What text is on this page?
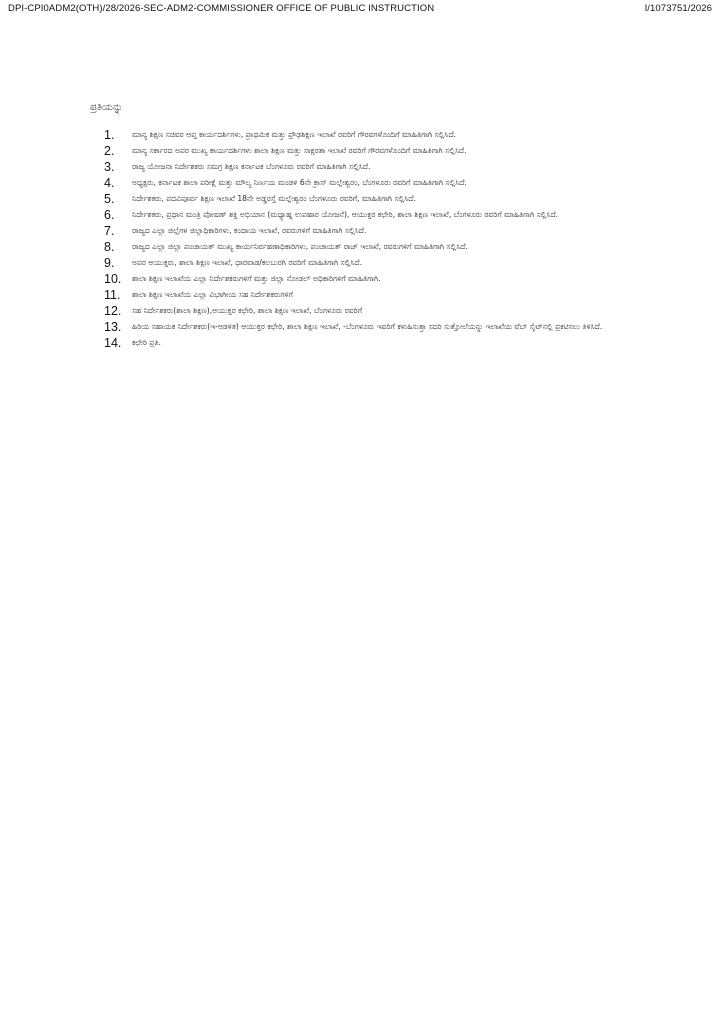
DPI-CPI0ADM2(OTH)/28/2026-SEC-ADM2-COMMISSIONER OFFICE OF PUBLIC INSTRUCTION	I/1073751/2026
ಪ್ರತಿಯನ್ನು
1.	ಮಾನ್ಯ ಶಿಕ್ಷಣ ಸಚಿವರ ಆಪ್ತ ಕಾರ್ಯದರ್ಶಿಗಳು, ಪ್ರಾಥಮಿಕ ಮತ್ತು ಪ್ರೌಢಶಿಕ್ಷಣ ಇಲಾಖೆ ರವರಿಗೆ ಗೌರವಗಳೊಂದಿಗೆ ಮಾಹಿತಿಗಾಗಿ ಸಲ್ಲಿಸಿದೆ.
2.	ಮಾನ್ಯ ಸರ್ಕಾರದ ಅಪರ ಮುಖ್ಯ ಕಾರ್ಯದರ್ಶಿಗಳು ಶಾಲಾ ಶಿಕ್ಷಣ ಮತ್ತು ಸಾಕ್ಷರತಾ ಇಲಾಖೆ ರವರಿಗೆ ಗೌರವಗಳೊಂದಿಗೆ ಮಾಹಿತಿಗಾಗಿ ಸಲ್ಲಿಸಿದೆ.
3.	ರಾಜ್ಯ ಯೋಜನಾ ನಿರ್ದೇಶಕರು ಸಮಗ್ರ ಶಿಕ್ಷಣ ಕರ್ನಾಟಕ ಬೆಂಗಳೂರು ರವರಿಗೆ ಮಾಹಿತಿಗಾಗಿ ಸಲ್ಲಿಸಿದೆ.
4.	ಅಧ್ಯಕ್ಷರು, ಕರ್ನಾಟಕ ಶಾಲಾ ಪರೀಕ್ಷೆ ಮತ್ತು ಮೌಲ್ಯ ನಿರ್ಣಯ ಮಂಡಳಿ 6ನೇ ಕ್ರಾಸ್ ಮಲ್ಲೇಶ್ವರಂ, ಬೆಂಗಳೂರು ರವರಿಗೆ ಮಾಹಿತಿಗಾಗಿ ಸಲ್ಲಿಸಿದೆ.
5.	ನಿರ್ದೇಶಕರು, ಪದವಿಪೂರ್ವ ಶಿಕ್ಷಣ ಇಲಾಖೆ 18ನೇ ಅಡ್ಡರಸ್ತೆ ಮಲ್ಲೇಶ್ವರಂ ಬೆಂಗಳೂರು ರವರಿಗೆ, ಮಾಹಿತಿಗಾಗಿ ಸಲ್ಲಿಸಿದೆ.
6.	ನಿರ್ದೇಶಕರು, ಪ್ರಧಾನ ಮಂತ್ರಿ ಪೋಷಣ್ ಶಕ್ತಿ ಅಭಿಯಾನ (ಮಧ್ಯಾಹ್ನ ಉಪಹಾರ ಯೋಜನೆ), ಆಯುಕ್ತರ ಕಛೇರಿ, ಶಾಲಾ ಶಿಕ್ಷಣ ಇಲಾಖೆ, ಬೆಂಗಳೂರು ರವರಿಗೆ ಮಾಹಿತಿಗಾಗಿ ಸಲ್ಲಿಸಿದೆ.
7.	ರಾಜ್ಯದ ಎಲ್ಲಾ ಜಿಲ್ಲೆಗಳ ಜಿಲ್ಲಾಧಿಕಾರಿಗಳು, ಕಂದಾಯ ಇಲಾಖೆ, ರವರುಗಳಿಗೆ ಮಾಹಿತಿಗಾಗಿ ಸಲ್ಲಿಸಿದೆ.
8.	ರಾಜ್ಯದ ಎಲ್ಲಾ ಜಿಲ್ಲಾ ಪಂಚಾಯತ್ ಮುಖ್ಯ ಕಾರ್ಯನಿರ್ವಹಣಾಧಿಕಾರಿಗಳು, ಪಂಚಾಯತ್ ರಾಜ್ ಇಲಾಖೆ, ರವರುಗಳಿಗೆ ಮಾಹಿತಿಗಾಗಿ ಸಲ್ಲಿಸಿದೆ.
9.	ಅಪರ ಆಯುಕ್ತರು, ಶಾಲಾ ಶಿಕ್ಷಣ ಇಲಾಖೆ, ಧಾರವಾಡ/ಕಲಬುರಗಿ ರವರಿಗೆ ಮಾಹಿತಿಗಾಗಿ ಸಲ್ಲಿಸಿದೆ.
10.	ಶಾಲಾ ಶಿಕ್ಷಣ ಇಲಾಖೆಯ ಎಲ್ಲಾ ನಿರ್ದೇಶಕರುಗಳಿಗೆ ಮತ್ತು ಜಿಲ್ಲಾ ನೋಡಲ್ ಅಧಿಕಾರಿಗಳಿಗೆ ಮಾಹಿತಿಗಾಗಿ.
11.	ಶಾಲಾ ಶಿಕ್ಷಣ ಇಲಾಖೆಯ ಎಲ್ಲಾ ವಿಭಾಗೀಯ ಸಹ ನಿರ್ದೇಶಕರುಗಳಿಗೆ
12.	ಸಹ ನಿರ್ದೇಶಕರು(ಶಾಲಾ ಶಿಕ್ಷಣ),ಆಯುಕ್ತರ ಕಛೇರಿ, ಶಾಲಾ ಶಿಕ್ಷಣ ಇಲಾಖೆ, ಬೆಂಗಳೂರು ರವರಿಗೆ
13.	ಹಿರಿಯ ಸಹಾಯಕ ನಿರ್ದೇಶಕರು(ಇ-ಆಡಳಿತ) ಆಯುಕ್ತರ ಕಛೇರಿ, ಶಾಲಾ ಶಿಕ್ಷಣ ಇಲಾಖೆ, -ಬೆಂಗಳೂರು ಇವರಿಗೆ ಕಳುಹಿಸುತ್ತಾ ಸದರಿ ಸುತ್ತೋಲೆಯನ್ನು ಇಲಾಖೆಯ ವೆಬ್ ಸೈಟ್‌ನಲ್ಲಿ ಪ್ರಕಟಿಸಲು ತಿಳಿಸಿದೆ.
14.	ಕಛೇರಿ ಪ್ರತಿ.
